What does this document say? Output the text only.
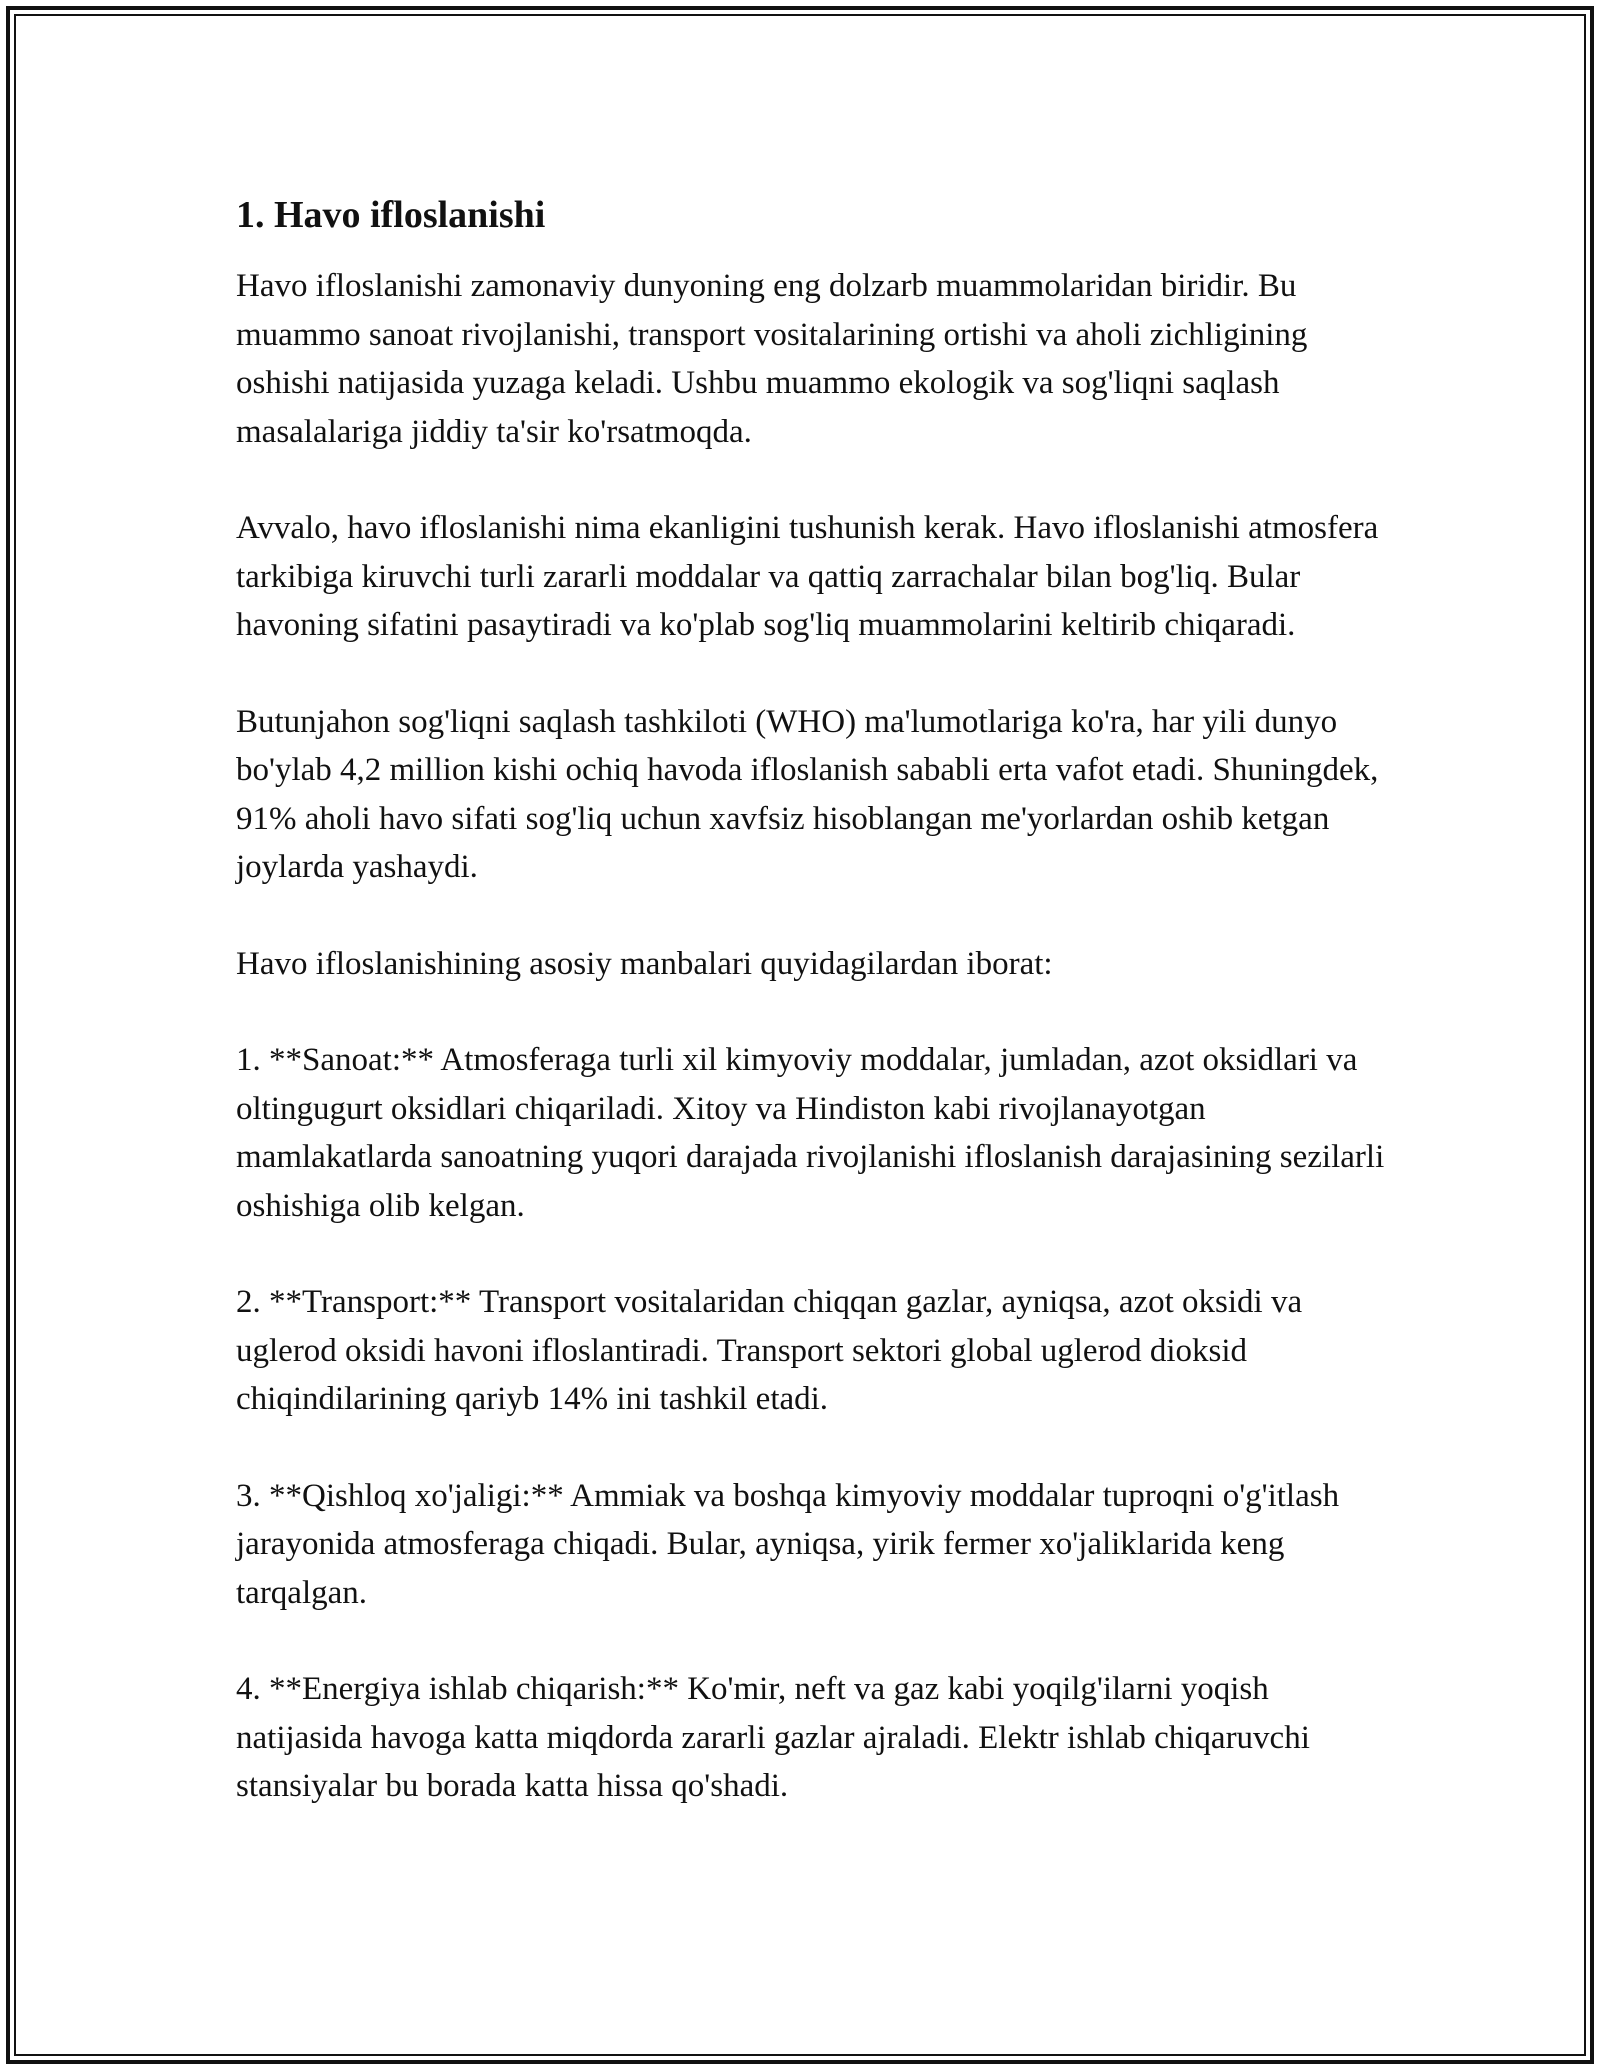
1. Havo ifloslanishi

Havo ifloslanishi zamonaviy dunyoning eng dolzarb muammolaridan biridir. Bu muammo sanoat rivojlanishi, transport vositalarining ortishi va aholi zichligining oshishi natijasida yuzaga keladi. Ushbu muammo ekologik va sog'liqni saqlash masalalariga jiddiy ta'sir ko'rsatmoqda.

Avvalo, havo ifloslanishi nima ekanligini tushunish kerak. Havo ifloslanishi atmosfera tarkibiga kiruvchi turli zararli moddalar va qattiq zarrachalar bilan bog'liq. Bular havoning sifatini pasaytiradi va ko'plab sog'liq muammolarini keltirib chiqaradi.

Butunjahon sog'liqni saqlash tashkiloti (WHO) ma'lumotlariga ko'ra, har yili dunyo bo'ylab 4,2 million kishi ochiq havoda ifloslanish sababli erta vafot etadi. Shuningdek, 91% aholi havo sifati sog'liq uchun xavfsiz hisoblangan me'yorlardan oshib ketgan joylarda yashaydi.

Havo ifloslanishining asosiy manbalari quyidagilardan iborat:

1. **Sanoat:** Atmosferaga turli xil kimyoviy moddalar, jumladan, azot oksidlari va oltingugurt oksidlari chiqariladi. Xitoy va Hindiston kabi rivojlanayotgan mamlakatlarda sanoatning yuqori darajada rivojlanishi ifloslanish darajasining sezilarli oshishiga olib kelgan.

2. **Transport:** Transport vositalaridan chiqqan gazlar, ayniqsa, azot oksidi va uglerod oksidi havoni ifloslantiradi. Transport sektori global uglerod dioksid chiqindilarining qariyb 14% ini tashkil etadi.

3. **Qishloq xo'jaligi:** Ammiak va boshqa kimyoviy moddalar tuproqni o'g'itlash jarayonida atmosferaga chiqadi. Bular, ayniqsa, yirik fermer xo'jaliklarida keng tarqalgan.

4. **Energiya ishlab chiqarish:** Ko'mir, neft va gaz kabi yoqilg'ilarni yoqish natijasida havoga katta miqdorda zararli gazlar ajraladi. Elektr ishlab chiqaruvchi stansiyalar bu borada katta hissa qo'shadi.
